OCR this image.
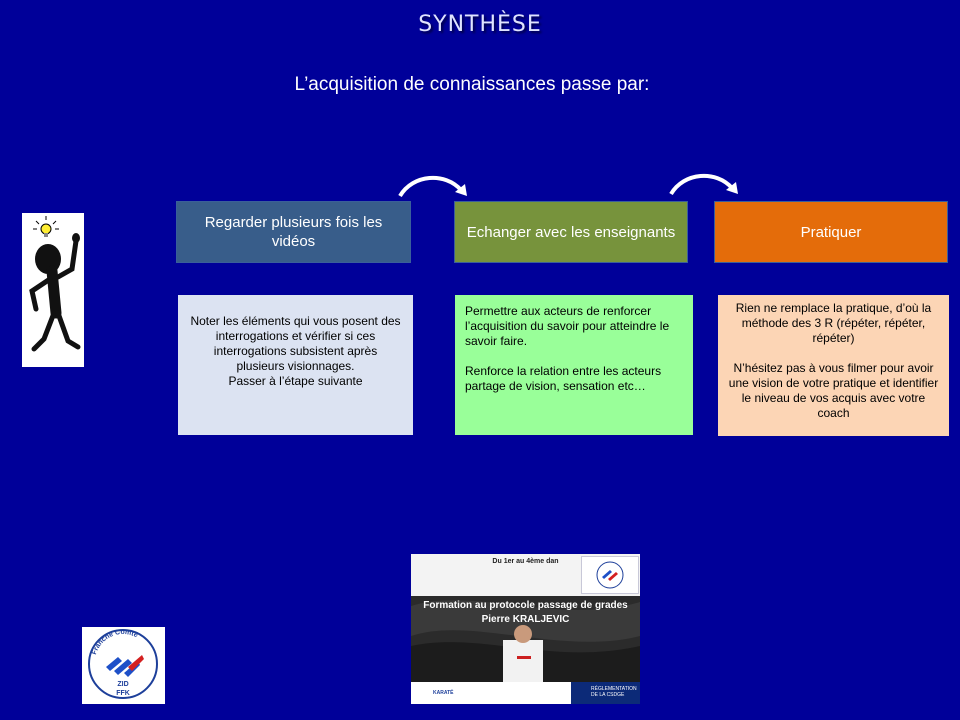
SYNTHÈSE
L’acquisition de connaissances passe par:
Regarder plusieurs fois les vidéos
Echanger avec les enseignants	Pratiquer

Noter les éléments qui vous posent des interrogations et vérifier si ces interrogations subsistent après plusieurs visionnages.

Passer à l’étape suivante

Permettre aux acteurs de renforcer l’acquisition du savoir pour atteindre le savoir faire.

Renforce la relation entre les acteurs partage de vision, sensation etc…

Rien ne remplace la pratique, d’où la méthode des 3 R (répéter, répéter, répéter)

N’hésitez pas à vous filmer pour avoir une vision de votre pratique et identifier le niveau de vos acquis avec votre coach

Franche Comté
ZID
FFK
Du 1er au 4ème dan
Formation au protocole passage de grades
Pierre KRALJEVIC
KARATÉ
RÉGLEMENTATION DE LA CSDGE
